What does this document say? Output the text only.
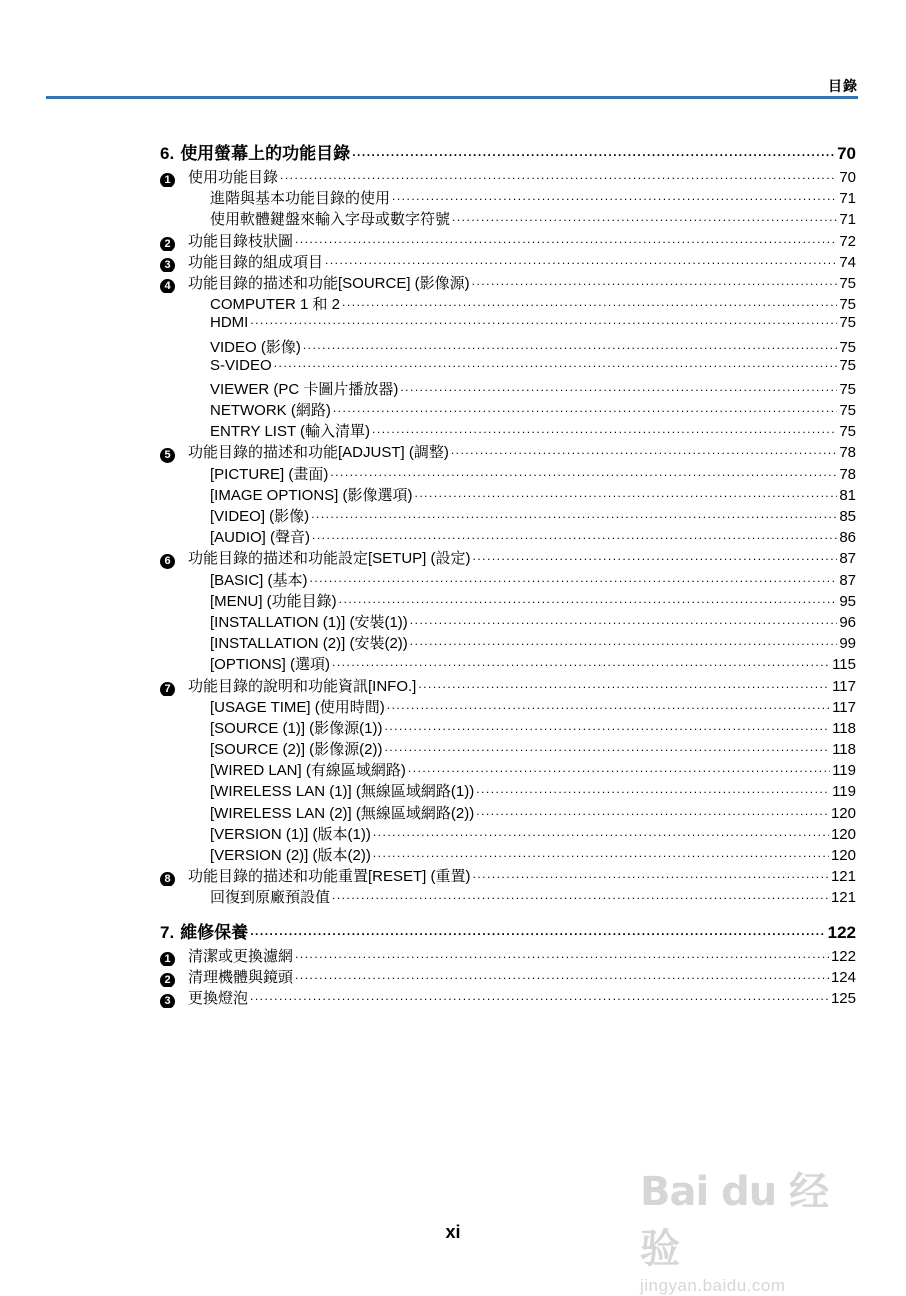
目錄
6. 使用螢幕上的功能目錄 .....	70
1 使用功能目錄 .....	70
進階與基本功能目錄的使用 .....	71
使用軟體鍵盤來輸入字母或數字符號 .....	71
2 功能目錄枝狀圖 .....	72
3 功能目錄的組成項目 .....	74
4 功能目錄的描述和功能[SOURCE] (影像源) .....	75
COMPUTER 1 和 2 .....	75
HDMI .....	75
VIDEO (影像) .....	75
S-VIDEO .....	75
VIEWER (PC 卡圖片播放器) .....	75
NETWORK (網路) .....	75
ENTRY LIST (輸入清單) .....	75
5 功能目錄的描述和功能[ADJUST] (調整) .....	78
[PICTURE] (畫面) .....	78
[IMAGE OPTIONS] (影像選項) .....	81
[VIDEO] (影像) .....	85
[AUDIO] (聲音) .....	86
6 功能目錄的描述和功能設定[SETUP] (設定) .....	87
[BASIC] (基本) .....	87
[MENU] (功能目錄) .....	95
[INSTALLATION (1)] (安裝(1)) .....	96
[INSTALLATION (2)] (安裝(2)) .....	99
[OPTIONS] (選項) .....	115
7 功能目錄的說明和功能資訊[INFO.] .....	117
[USAGE TIME] (使用時間) .....	117
[SOURCE (1)] (影像源(1)) .....	118
[SOURCE (2)] (影像源(2)) .....	118
[WIRED LAN] (有線區域網路) .....	119
[WIRELESS LAN (1)] (無線區域網路(1)) .....	119
[WIRELESS LAN (2)] (無線區域網路(2)) .....	120
[VERSION (1)] (版本(1)) .....	120
[VERSION (2)] (版本(2)) .....	120
8 功能目錄的描述和功能重置[RESET] (重置) .....	121
回復到原廠預設值 .....	121
7. 維修保養 .....	122
1 清潔或更換濾網 .....	122
2 清理機體與鏡頭 .....	124
3 更換燈泡 .....	125
xi
Bai du 经验
jingyan.baidu.com
